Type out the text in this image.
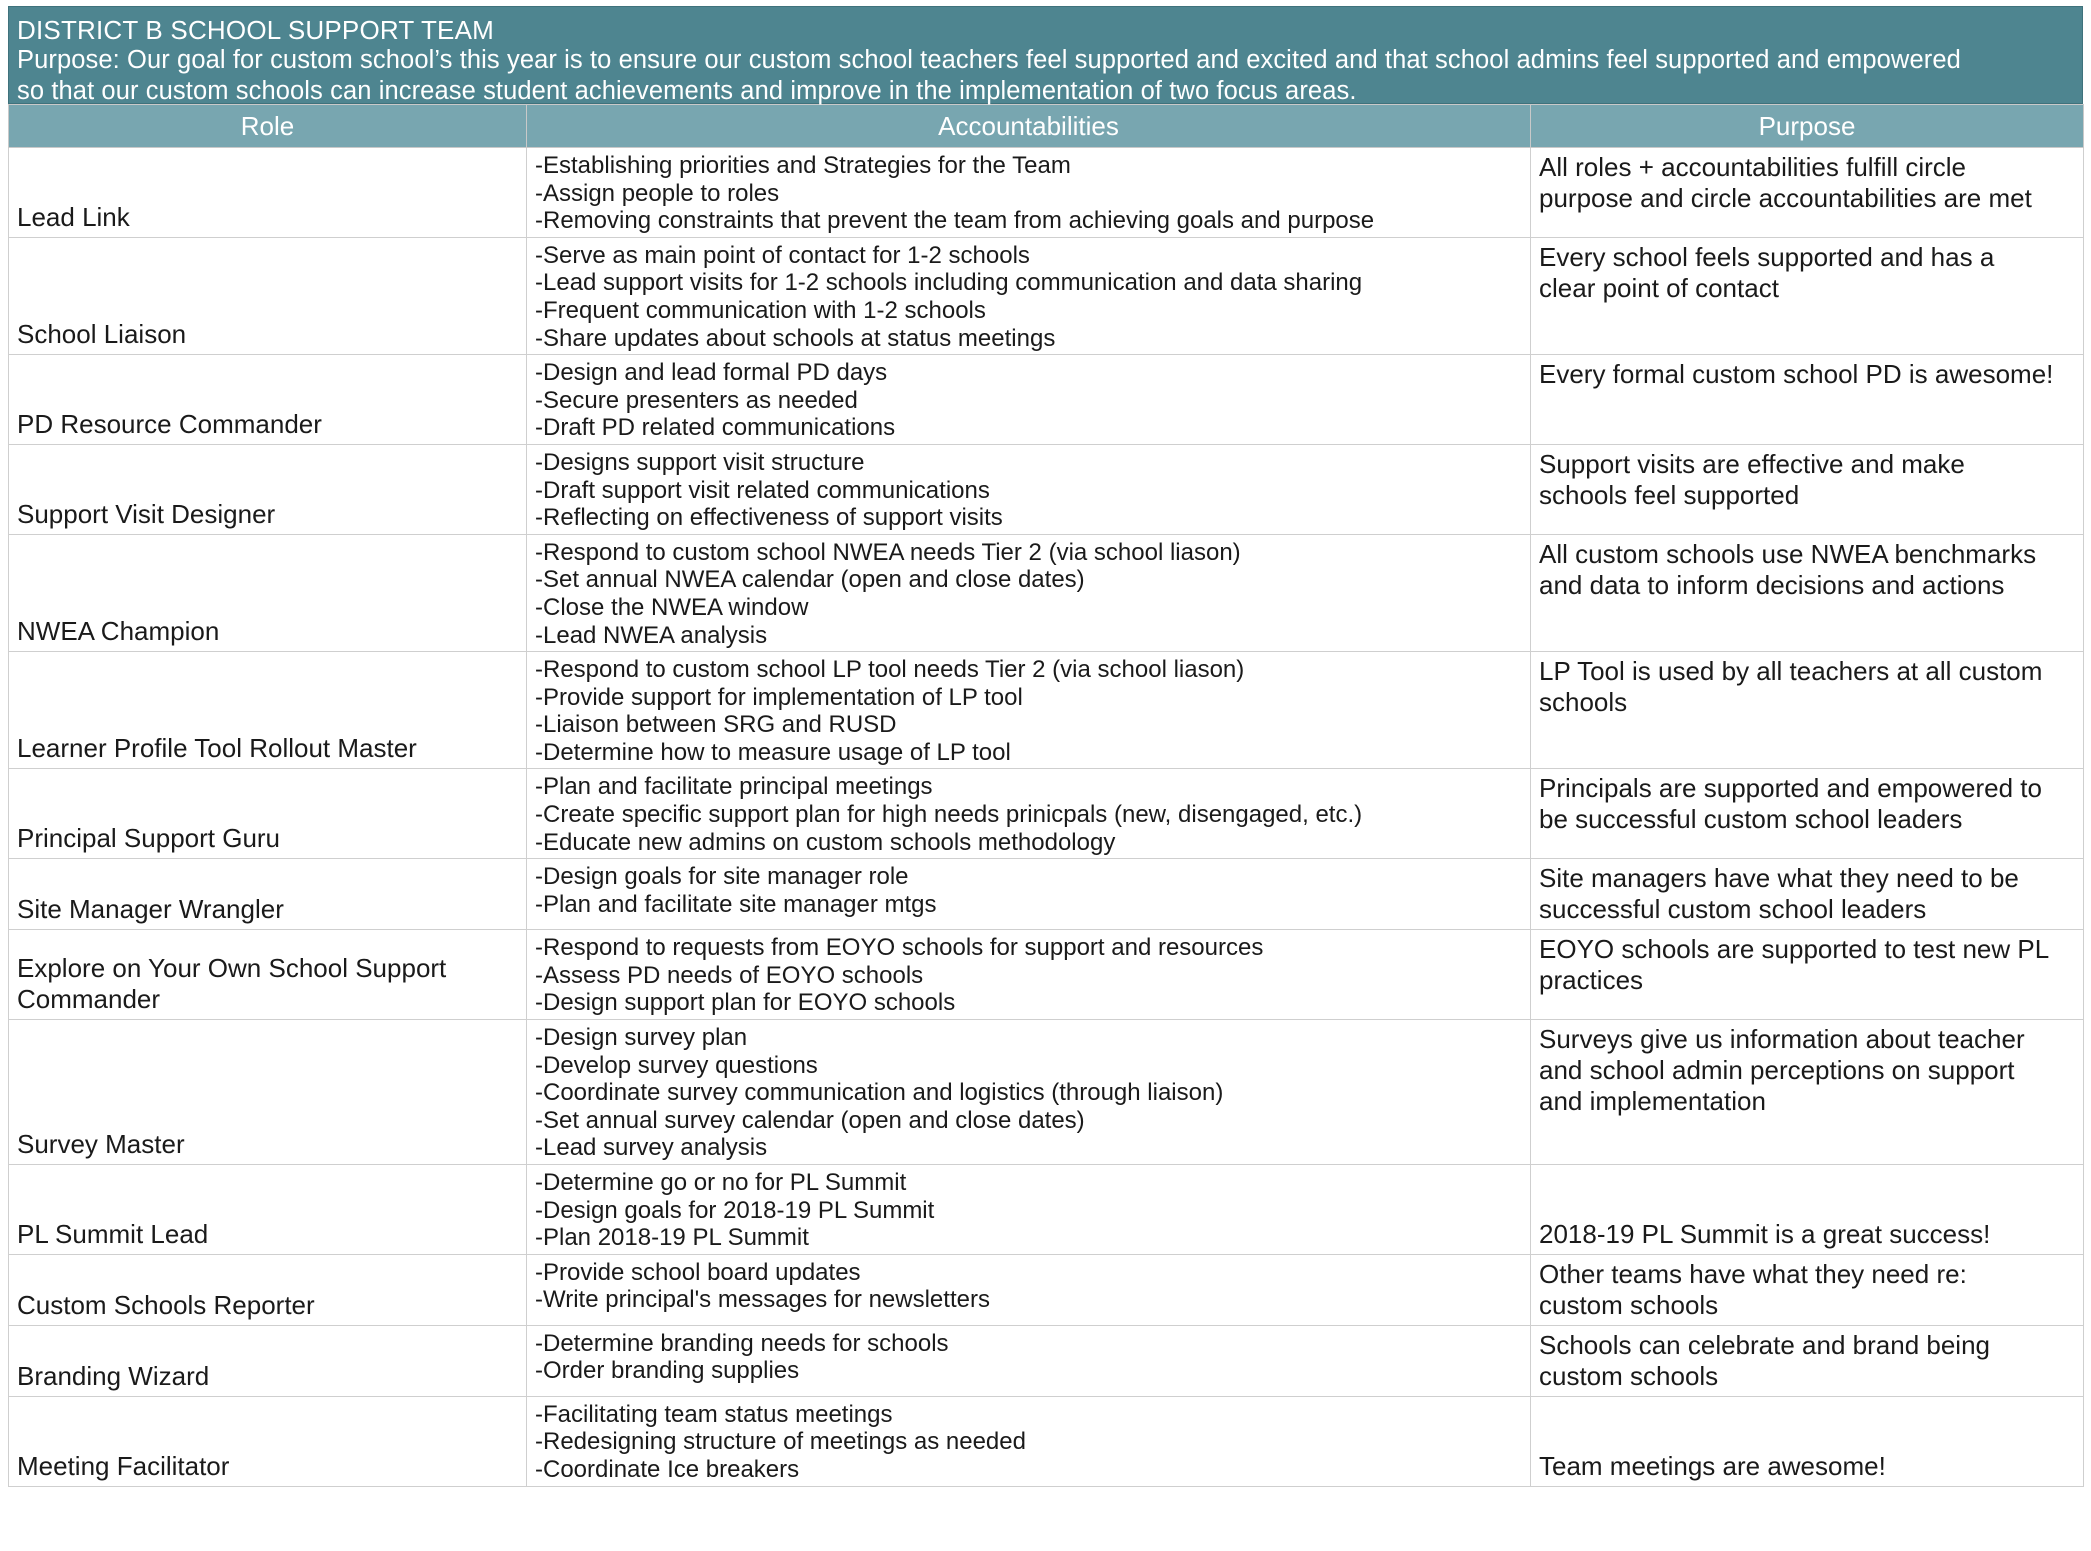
DISTRICT B SCHOOL SUPPORT TEAM
Purpose: Our goal for custom school’s this year is to ensure our custom school teachers feel supported and excited and that school admins feel supported and empowered
so that our custom schools can increase student achievements and improve in the implementation of two focus areas.
Role	Accountabilities	Purpose

Lead Link	-Establishing priorities and Strategies for the Team
-Assign people to roles
-Removing constraints that prevent the team from achieving goals and purpose	All roles + accountabilities fulfill circle
purpose and circle accountabilities are met

School Liaison	-Serve as main point of contact for 1-2 schools
-Lead support visits for 1-2 schools including communication and data sharing
-Frequent communication with 1-2 schools
-Share updates about schools at status meetings	Every school feels supported and has a
clear point of contact

PD Resource Commander	-Design and lead formal PD days
-Secure presenters as needed
-Draft PD related communications	Every formal custom school PD is awesome!

Support Visit Designer	-Designs support visit structure
-Draft support visit related communications
-Reflecting on effectiveness of support visits	Support visits are effective and make
schools feel supported

NWEA Champion	-Respond to custom school NWEA needs Tier 2 (via school liason)
-Set annual NWEA calendar (open and close dates)
-Close the NWEA window
-Lead NWEA analysis	All custom schools use NWEA benchmarks
and data to inform decisions and actions

Learner Profile Tool Rollout Master	-Respond to custom school LP tool needs Tier 2 (via school liason)
-Provide support for implementation of LP tool
-Liaison between SRG and RUSD
-Determine how to measure usage of LP tool	LP Tool is used by all teachers at all custom
schools

Principal Support Guru	-Plan and facilitate principal meetings
-Create specific support plan for high needs prinicpals (new, disengaged, etc.)
-Educate new admins on custom schools methodology	Principals are supported and empowered to
be successful custom school leaders

Site Manager Wrangler	-Design goals for site manager role
-Plan and facilitate site manager mtgs	Site managers have what they need to be
successful custom school leaders

Explore on Your Own School Support
Commander	-Respond to requests from EOYO schools for support and resources
-Assess PD needs of EOYO schools
-Design support plan for EOYO schools	EOYO schools are supported to test new PL
practices

Survey Master	-Design survey plan
-Develop survey questions
-Coordinate survey communication and logistics (through liaison)
-Set annual survey calendar (open and close dates)
-Lead survey analysis	Surveys give us information about teacher
and school admin perceptions on support
and implementation

PL Summit Lead	-Determine go or no for PL Summit
-Design goals for 2018-19 PL Summit
-Plan 2018-19 PL Summit	2018-19 PL Summit is a great success!

Custom Schools Reporter	-Provide school board updates
-Write principal's messages for newsletters	Other teams have what they need re:
custom schools

Branding Wizard	-Determine branding needs for schools
-Order branding supplies	Schools can celebrate and brand being
custom schools

Meeting Facilitator	-Facilitating team status meetings
-Redesigning structure of meetings as needed
-Coordinate Ice breakers	Team meetings are awesome!
